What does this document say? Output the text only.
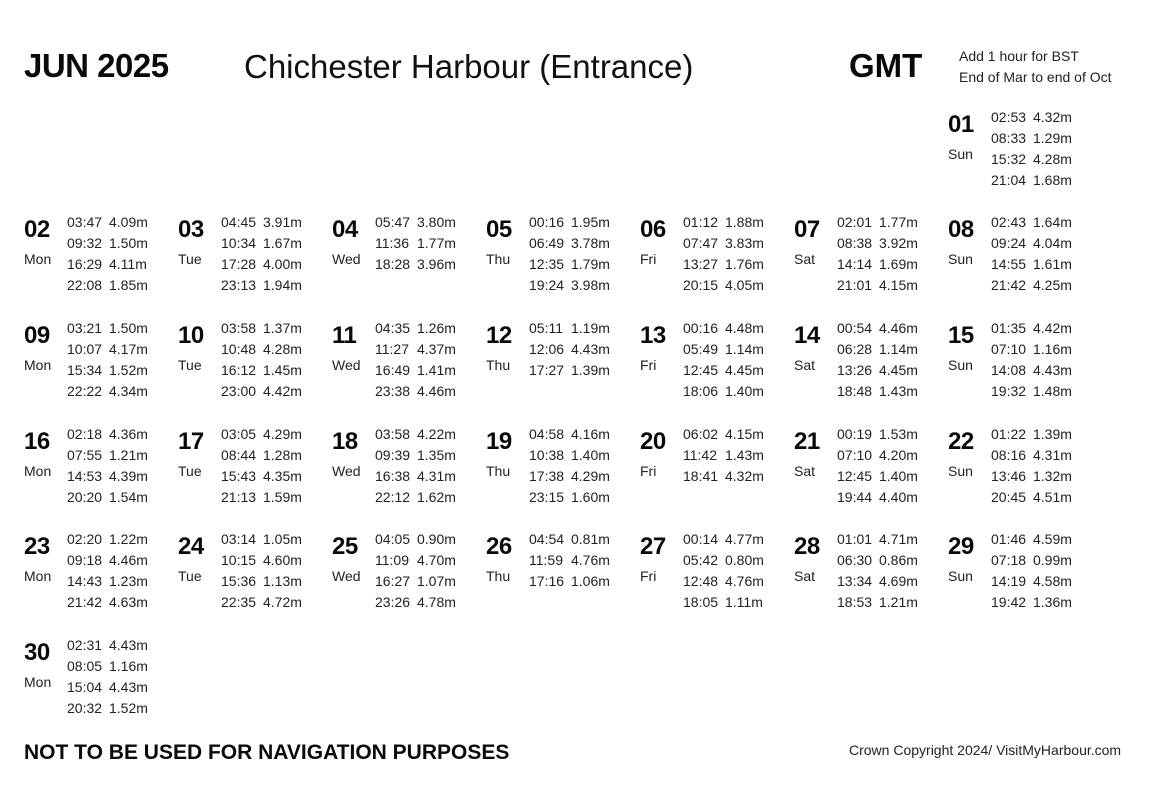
JUN 2025 Chichester Harbour (Entrance)	GMT	Add 1 hour for BST
End of Mar to end of Oct
01
Sun
02:53 4.32m
08:33 1.29m
15:32 4.28m
21:04 1.68m
02
Mon
03:47 4.09m
09:32 1.50m
16:29 4.11m
22:08 1.85m
03
Tue
04:45 3.91m
10:34 1.67m
17:28 4.00m
23:13 1.94m
04
Wed
05:47 3.80m
11:36 1.77m
18:28 3.96m
05
Thu
00:16 1.95m
06:49 3.78m
12:35 1.79m
19:24 3.98m
06
Fri
01:12 1.88m
07:47 3.83m
13:27 1.76m
20:15 4.05m
07
Sat
02:01 1.77m
08:38 3.92m
14:14 1.69m
21:01 4.15m
08
Sun
02:43 1.64m
09:24 4.04m
14:55 1.61m
21:42 4.25m
09
Mon
03:21 1.50m
10:07 4.17m
15:34 1.52m
22:22 4.34m
10
Tue
03:58 1.37m
10:48 4.28m
16:12 1.45m
23:00 4.42m
11
Wed
04:35 1.26m
11:27 4.37m
16:49 1.41m
23:38 4.46m
12
Thu
05:11 1.19m
12:06 4.43m
17:27 1.39m
13
Fri
00:16 4.48m
05:49 1.14m
12:45 4.45m
18:06 1.40m
14
Sat
00:54 4.46m
06:28 1.14m
13:26 4.45m
18:48 1.43m
15
Sun
01:35 4.42m
07:10 1.16m
14:08 4.43m
19:32 1.48m
16
Mon
02:18 4.36m
07:55 1.21m
14:53 4.39m
20:20 1.54m
17
Tue
03:05 4.29m
08:44 1.28m
15:43 4.35m
21:13 1.59m
18
Wed
03:58 4.22m
09:39 1.35m
16:38 4.31m
22:12 1.62m
19
Thu
04:58 4.16m
10:38 1.40m
17:38 4.29m
23:15 1.60m
20
Fri
06:02 4.15m
11:42 1.43m
18:41 4.32m
21
Sat
00:19 1.53m
07:10 4.20m
12:45 1.40m
19:44 4.40m
22
Sun
01:22 1.39m
08:16 4.31m
13:46 1.32m
20:45 4.51m
23
Mon
02:20 1.22m
09:18 4.46m
14:43 1.23m
21:42 4.63m
24
Tue
03:14 1.05m
10:15 4.60m
15:36 1.13m
22:35 4.72m
25
Wed
04:05 0.90m
11:09 4.70m
16:27 1.07m
23:26 4.78m
26
Thu
04:54 0.81m
11:59 4.76m
17:16 1.06m
27
Fri
00:14 4.77m
05:42 0.80m
12:48 4.76m
18:05 1.11m
28
Sat
01:01 4.71m
06:30 0.86m
13:34 4.69m
18:53 1.21m
29
Sun
01:46 4.59m
07:18 0.99m
14:19 4.58m
19:42 1.36m
30
Mon
02:31 4.43m
08:05 1.16m
15:04 4.43m
20:32 1.52m
NOT TO BE USED FOR NAVIGATION PURPOSES	Crown Copyright 2024/ VisitMyHarbour.com
